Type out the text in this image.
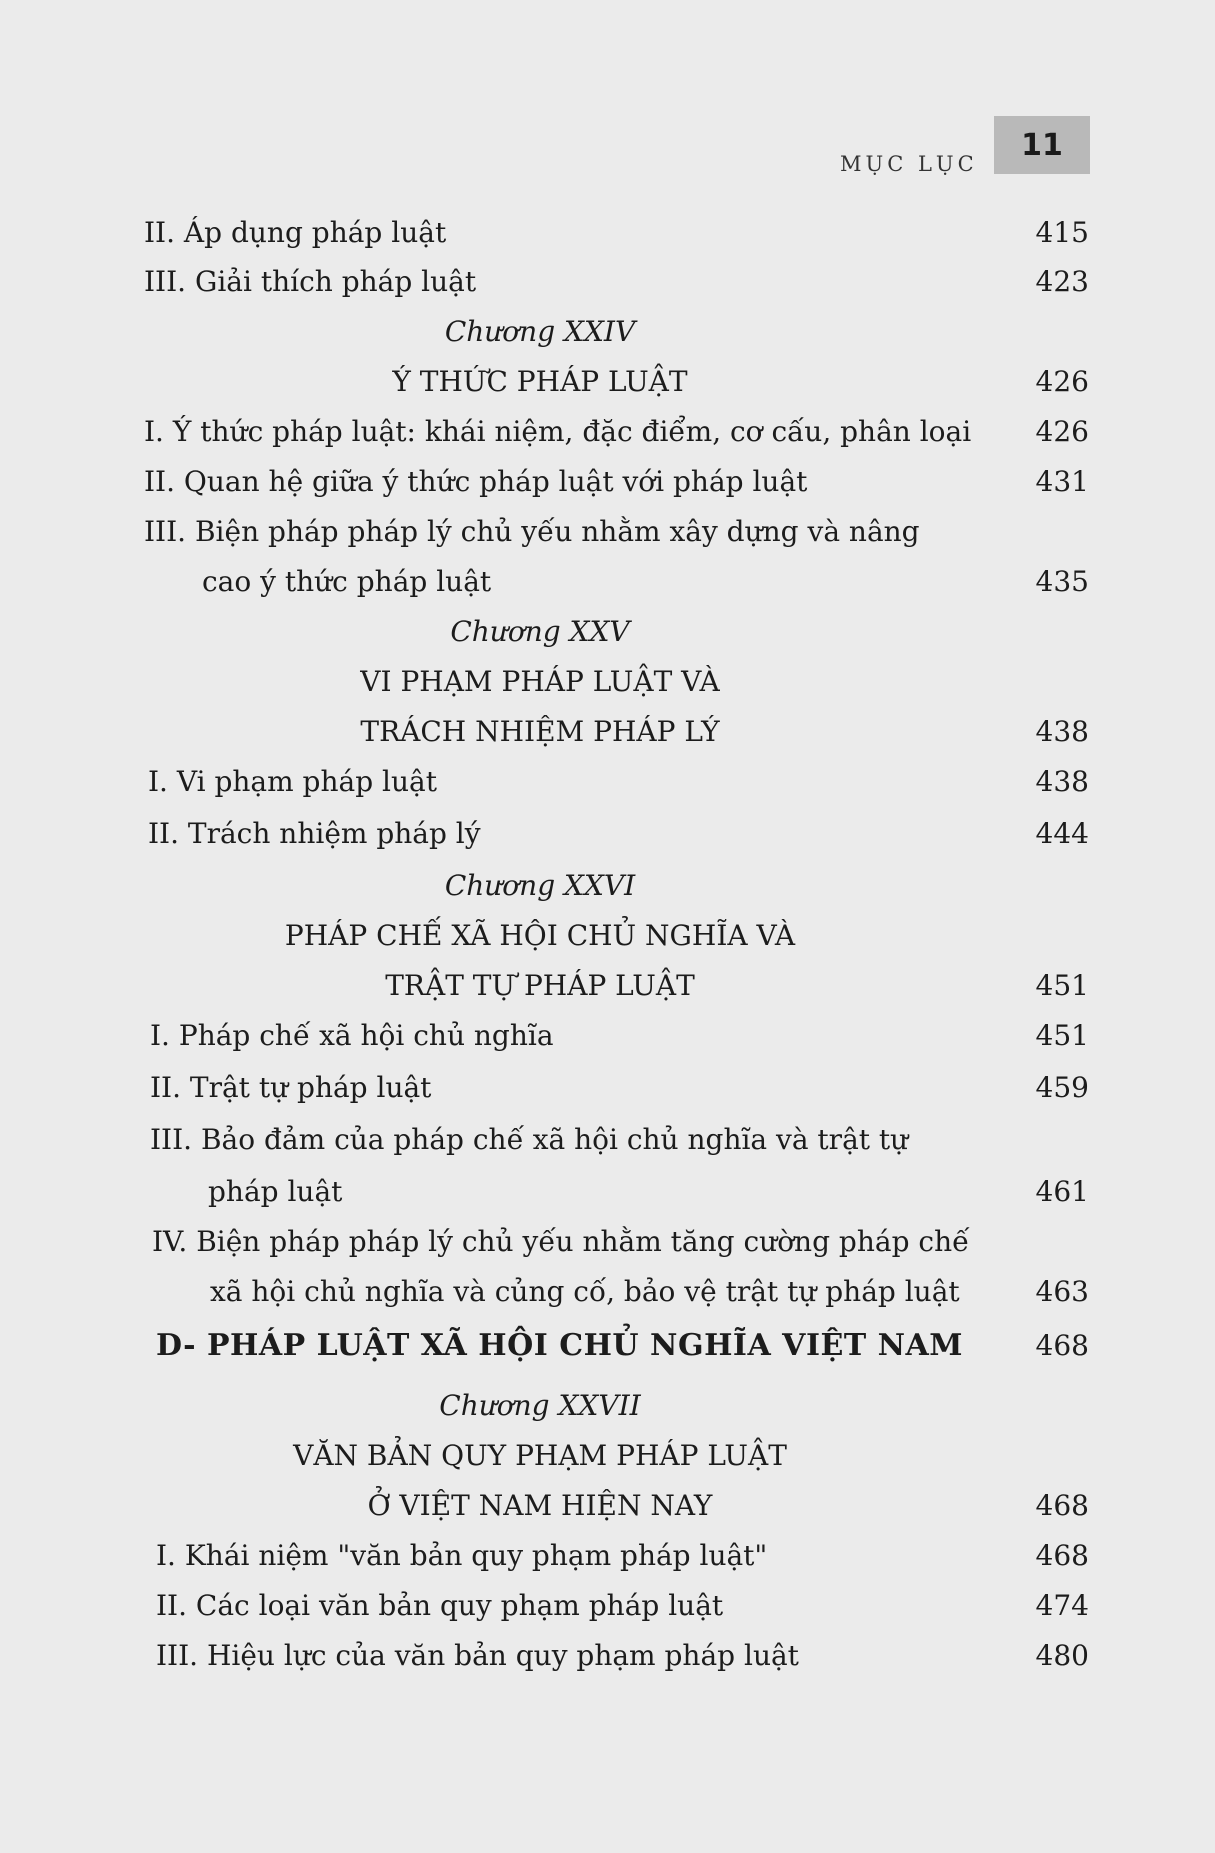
MỤC LỤC
11
II. Áp dụng pháp luật	415
III. Giải thích pháp luật	423
Chương XXIV
Ý THỨC PHÁP LUẬT	426
I. Ý thức pháp luật: khái niệm, đặc điểm, cơ cấu, phân loại 426
II. Quan hệ giữa ý thức pháp luật với pháp luật	431
III. Biện pháp pháp lý chủ yếu nhằm xây dựng và nâng
cao ý thức pháp luật	435
Chương XXV
VI PHẠM PHÁP LUẬT VÀ
TRÁCH NHIỆM PHÁP LÝ	438
I. Vi phạm pháp luật	438
II. Trách nhiệm pháp lý	444
Chương XXVI
PHÁP CHẾ XÃ HỘI CHỦ NGHĨA VÀ
TRẬT TỰ PHÁP LUẬT	451
I. Pháp chế xã hội chủ nghĩa	451
II. Trật tự pháp luật	459
III. Bảo đảm của pháp chế xã hội chủ nghĩa và trật tự
pháp luật	461
IV. Biện pháp pháp lý chủ yếu nhằm tăng cường pháp chế
xã hội chủ nghĩa và củng cố, bảo vệ trật tự pháp luật	463
D- PHÁP LUẬT XÃ HỘI CHỦ NGHĨA VIỆT NAM	468
Chương XXVII
VĂN BẢN QUY PHẠM PHÁP LUẬT
Ở VIỆT NAM HIỆN NAY	468
I. Khái niệm "văn bản quy phạm pháp luật"	468
II. Các loại văn bản quy phạm pháp luật	474
III. Hiệu lực của văn bản quy phạm pháp luật	480
